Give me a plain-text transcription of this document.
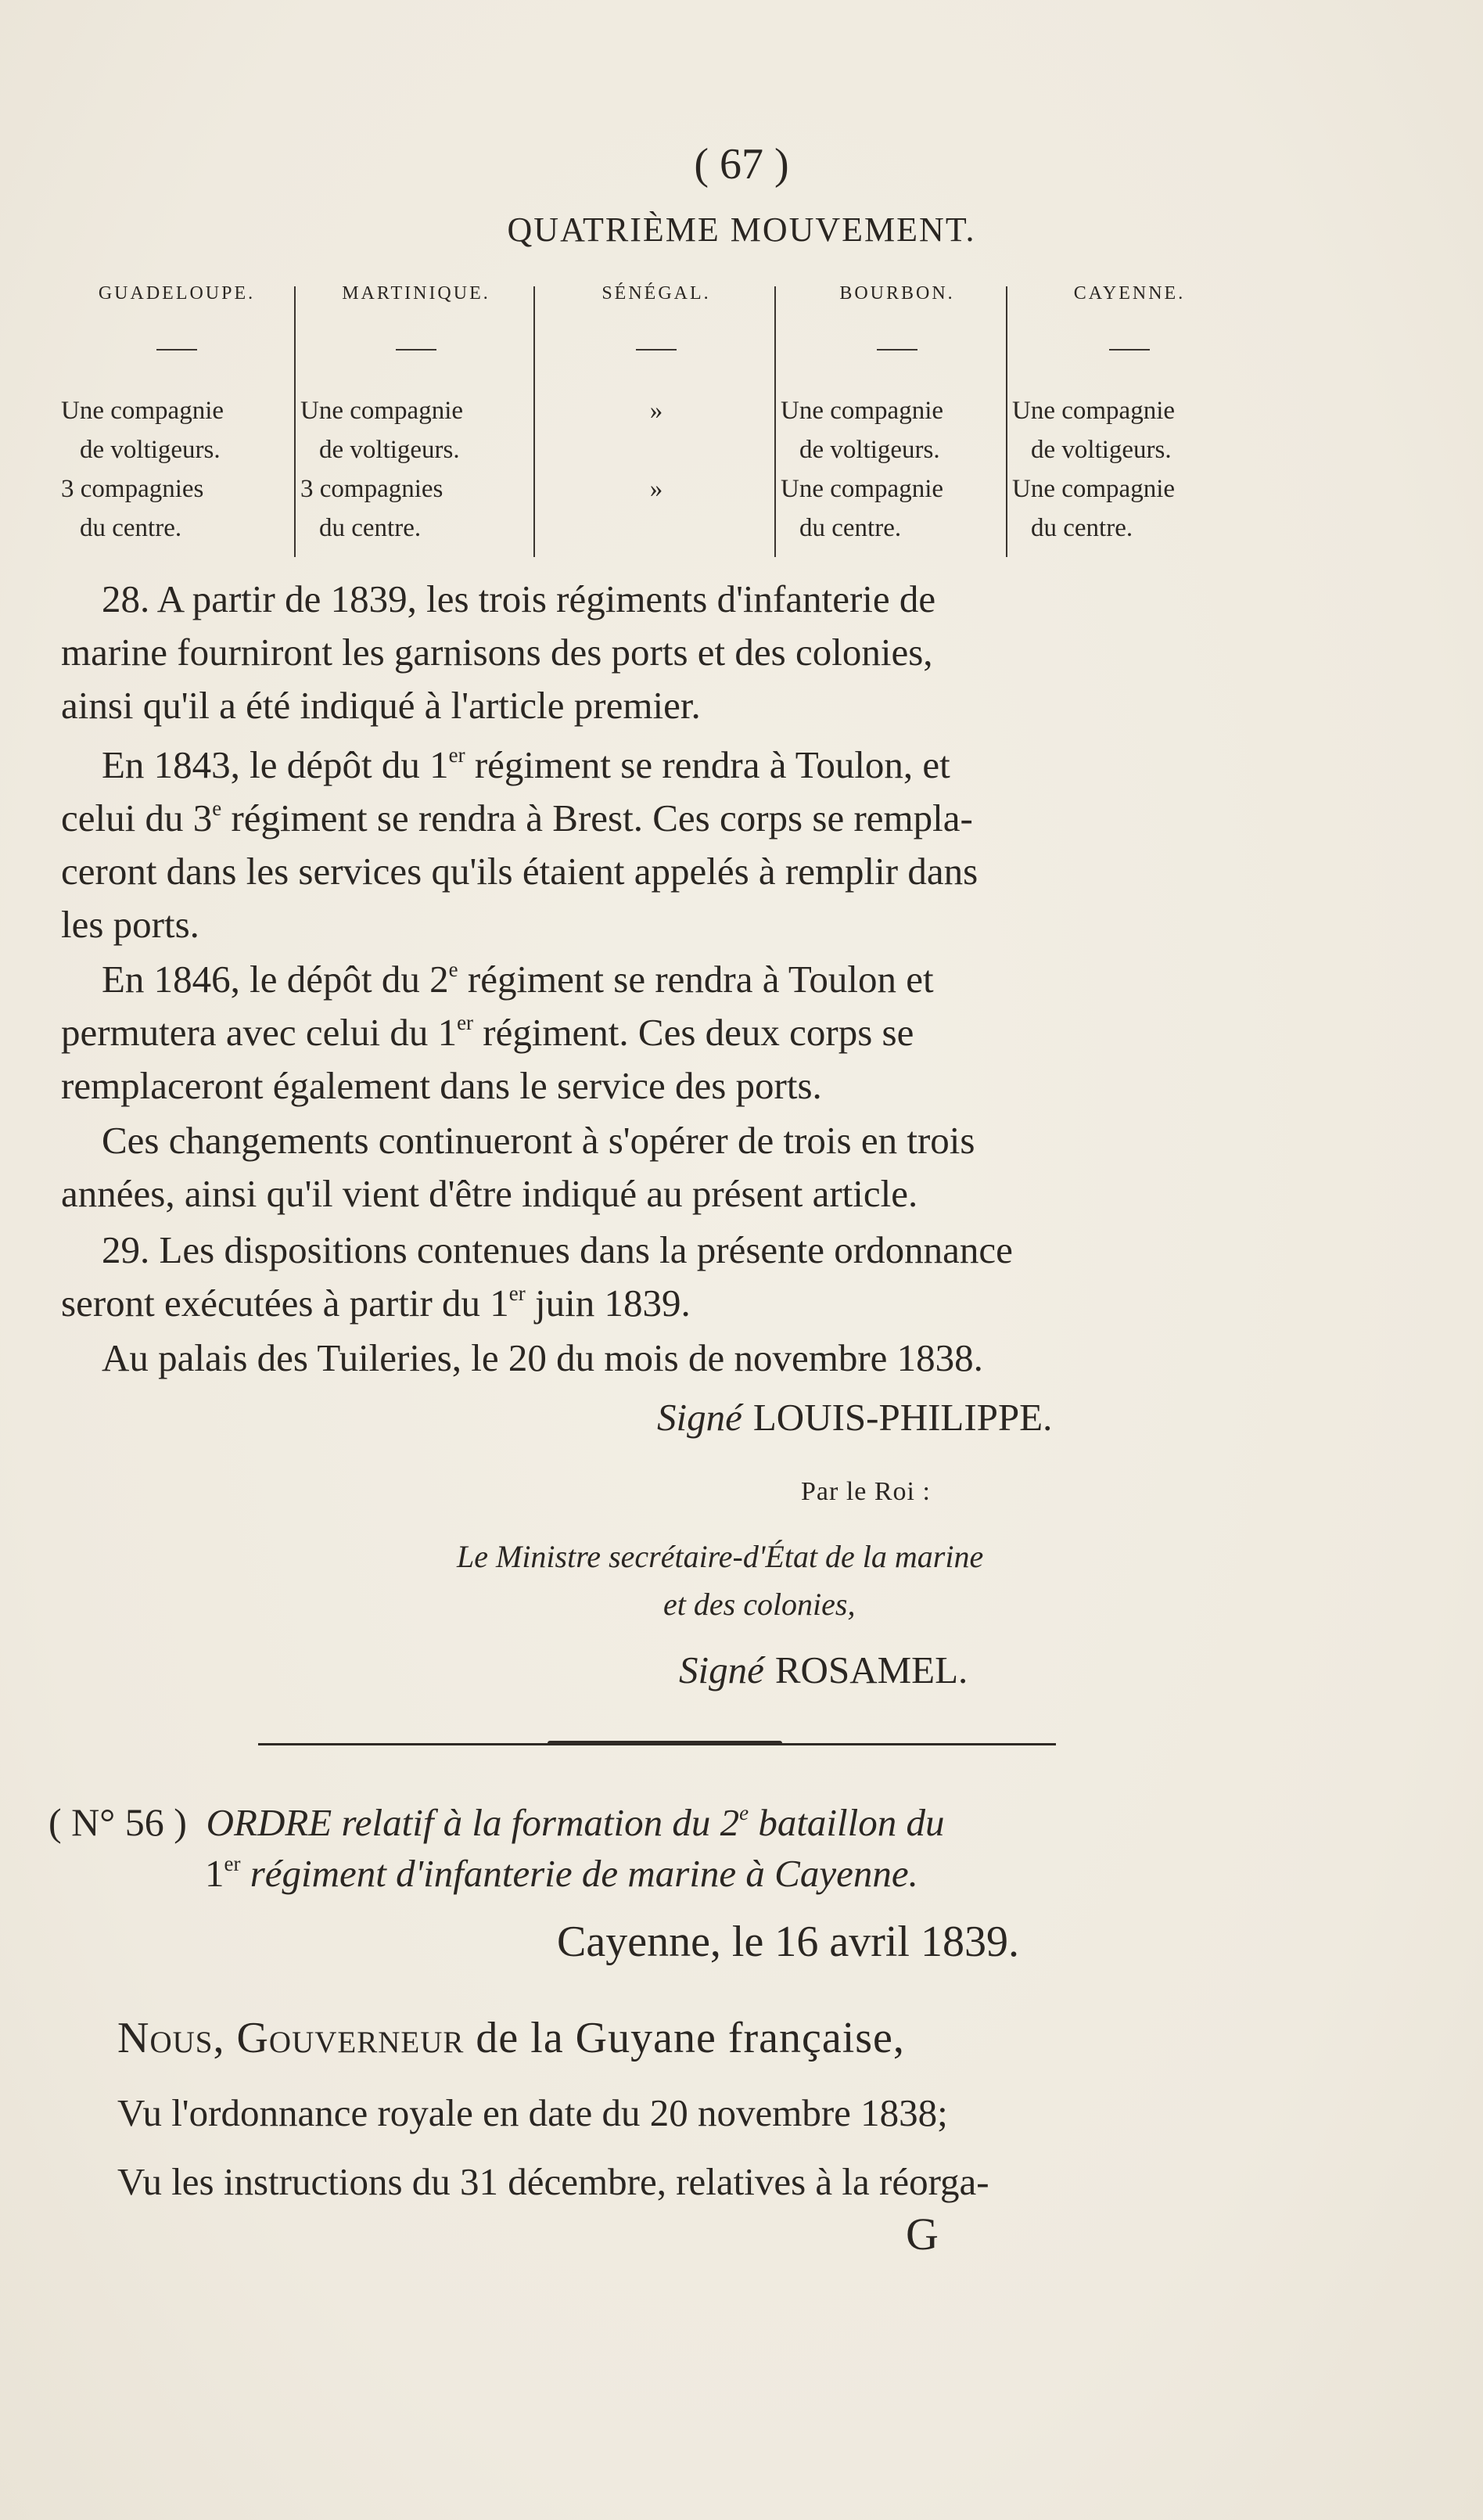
( 67 )
QUATRIÈME MOUVEMENT.
GUADELOUPE.
Une compagnie
de voltigeurs.
3 compagnies
du centre.
MARTINIQUE.
Une compagnie
de voltigeurs.
3 compagnies
du centre.
SÉNÉGAL.
»

»

BOURBON.
Une compagnie
de voltigeurs.
Une compagnie
du centre.
CAYENNE.
Une compagnie
de voltigeurs.
Une compagnie
du centre.
28. A partir de 1839, les trois régiments d'infanterie de
marine fourniront les garnisons des ports et des colonies,
ainsi qu'il a été indiqué à l'article premier.
En 1843, le dépôt du 1er régiment se rendra à Toulon, et
celui du 3e régiment se rendra à Brest. Ces corps se rempla-
ceront dans les services qu'ils étaient appelés à remplir dans
les ports.
En 1846, le dépôt du 2e régiment se rendra à Toulon et
permutera avec celui du 1er régiment. Ces deux corps se
remplaceront également dans le service des ports.
Ces changements continueront à s'opérer de trois en trois
années, ainsi qu'il vient d'être indiqué au présent article.
29. Les dispositions contenues dans la présente ordonnance
seront exécutées à partir du 1er juin 1839.
Au palais des Tuileries, le 20 du mois de novembre 1838.
Signé LOUIS-PHILIPPE.
Par le Roi :
Le Ministre secrétaire-d'État de la marine
et des colonies,
Signé ROSAMEL.
( N° 56 ) ORDRE relatif à la formation du 2e bataillon du
1er régiment d'infanterie de marine à Cayenne.
Cayenne, le 16 avril 1839.
Nous, Gouverneur de la Guyane française,
Vu l'ordonnance royale en date du 20 novembre 1838;
Vu les instructions du 31 décembre, relatives à la réorga-
G
